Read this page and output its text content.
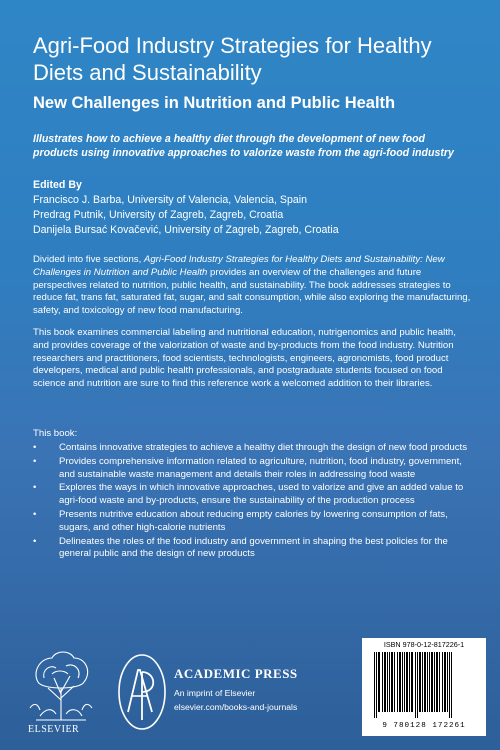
Agri-Food Industry Strategies for Healthy Diets and Sustainability
New Challenges in Nutrition and Public Health

Illustrates how to achieve a healthy diet through the development of new food products using innovative approaches to valorize waste from the agri-food industry

Edited By
Francisco J. Barba, University of Valencia, Valencia, Spain
Predrag Putnik, University of Zagreb, Zagreb, Croatia
Danijela Bursać Kovačević, University of Zagreb, Zagreb, Croatia

Divided into five sections, Agri-Food Industry Strategies for Healthy Diets and Sustainability: New Challenges in Nutrition and Public Health provides an overview of the challenges and future perspectives related to nutrition, public health, and sustainability. The book addresses strategies to reduce fat, trans fat, saturated fat, sugar, and salt consumption, while also exploring the manufacturing, safety, and toxicology of new food manufacturing.

This book examines commercial labeling and nutritional education, nutrigenomics and public health, and provides coverage of the valorization of waste and by-products from the food industry. Nutrition researchers and practitioners, food scientists, technologists, engineers, agronomists, food product developers, medical and public health professionals, and postgraduate students focused on food science and nutrition are sure to find this reference work a welcomed addition to their libraries.

This book:
• Contains innovative strategies to achieve a healthy diet through the design of new food products
• Provides comprehensive information related to agriculture, nutrition, food industry, government, and sustainable waste management and details their roles in addressing food waste
• Explores the ways in which innovative approaches, used to valorize and give an added value to agri-food waste and by-products, ensure the sustainability of the production process
• Presents nutritive education about reducing empty calories by lowering consumption of fats, sugars, and other high-calorie nutrients
• Delineates the roles of the food industry and government in shaping the best policies for the general public and the design of new products
ELSEVIER
ACADEMIC PRESS
An imprint of Elsevier
elsevier.com/books-and-journals
ISBN 978-0-12-817226-1
9 780128 172261
